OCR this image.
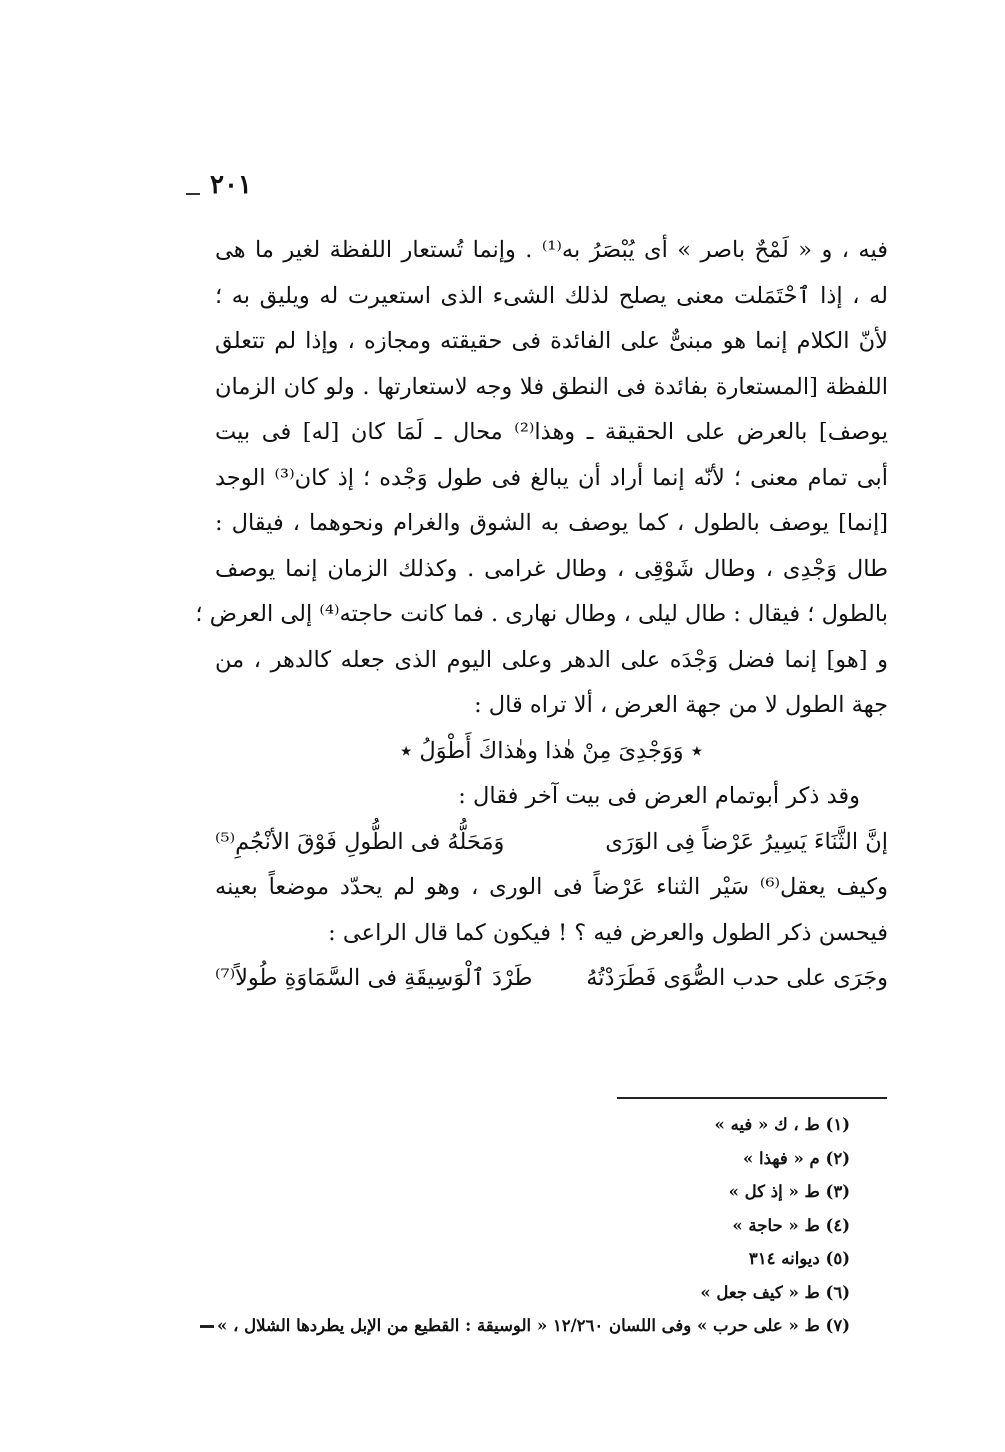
٢٠١
فيه ، و « لَمْحٌ باصر » أى يُبْصَرُ به⁽¹⁾ . وإنما تُستعار اللفظة لغير ما هى
له ، إذا ٱحْتَمَلت معنى يصلح لذلك الشىء الذى استعيرت له ويليق به ؛
لأنّ الكلام إنما هو مبنىٌّ على الفائدة فى حقيقته ومجازه ، وإذا لم تتعلق
اللفظة [المستعارة بفائدة فى النطق فلا وجه لاستعارتها . ولو كان الزمان
يوصف] بالعرض على الحقيقة ـ وهذا⁽²⁾ محال ـ لَمَا كان [له] فى بيت
أبى تمام معنى ؛ لأنّه إنما أراد أن يبالغ فى طول وَجْده ؛ إذ كان⁽³⁾ الوجد
[إنما] يوصف بالطول ، كما يوصف به الشوق والغرام ونحوهما ، فيقال :
طال وَجْدِى ، وطال شَوْقِى ، وطال غرامى . وكذلك الزمان إنما يوصف
بالطول ؛ فيقال : طال ليلى ، وطال نهارى . فما كانت حاجته⁽⁴⁾ إلى العرض ؛
و [هو] إنما فضل وَجْدَه على الدهر وعلى اليوم الذى جعله كالدهر ، من
جهة الطول لا من جهة العرض ، ألا تراه قال :
٭ وَوَجْدِىَ مِنْ هٰذا وهٰذاكَ أَطْوَلُ ٭
وقد ذكر أبوتمام العرض فى بيت آخر فقال :
إنَّ الثَّنَاءَ يَسِيرُ عَرْضاً فِى الوَرَى
وَمَحَلُّهُ فى الطُّولِ فَوْقَ الأنْجُمِ⁽⁵⁾
وكيف يعقل⁽⁶⁾ سَيْر الثناء عَرْضاً فى الورى ، وهو لم يحدّد موضعاً بعينه
فيحسن ذكر الطول والعرض فيه ؟ ! فيكون كما قال الراعى :
وجَرَى على حدب الصُّوَى فَطَرَدْتُهُ
طَرْدَ ٱلْوَسِيقَةِ فى السَّمَاوَةِ طُولاً⁽⁷⁾
(١) ط ، ك « فيه »
(٢) م « فهذا »
(٣) ط « إذ كل »
(٤) ط « حاجة »
(٥) ديوانه ٣١٤
(٦) ط « كيف جعل »
(٧) ط « على حرب » وفى اللسان ١٢/٢٦٠ « الوسيقة : القطيع من الإبل يطردها الشلال ، »
